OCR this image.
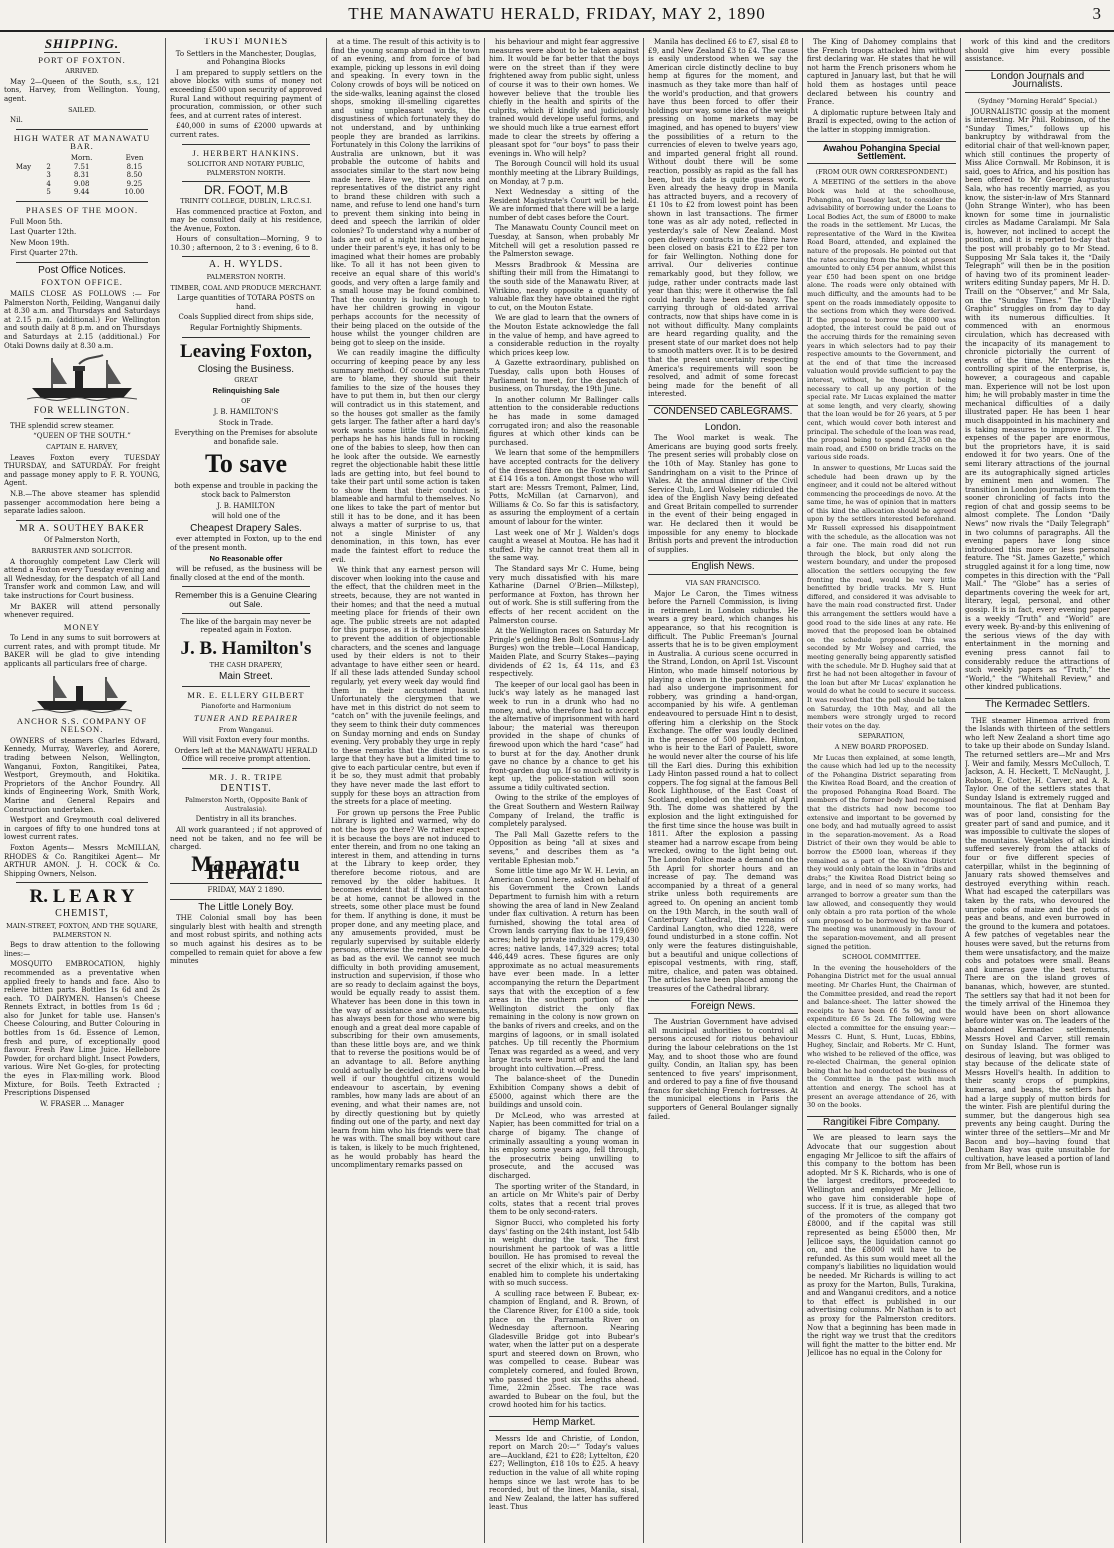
THE MANAWATU HERALD, FRIDAY, MAY 2, 1890	3
SHIPPING.
PORT OF FOXTON.

ARRIVED.

May 2—Queen of the South, s.s., 121 tons, Harvey, from Wellington. Young, agent.

SAILED.

Nil.

HIGH WATER AT MANAWATU BAR.
		Morn.	Even
May	2	7.51	8.15
	3	8.31	8.50
	4	9.08	9.25
	5	9.44	10.00
PHASES OF THE MOON.

Full Moon 5th.

Last Quarter 12th.

New Moon 19th.

First Quarter 27th.

Post Office Notices.
FOXTON OFFICE.

MAILS CLOSE AS FOLLOWS :— For Palmerston North, Feilding, Wanganui daily at 8.30 a.m. and Thursdays and Saturdays at 2.15 p.m. (additional.) For Wellington and south daily at 8 p.m. and on Thursdays and Saturdays at 2.15 (additional.) For Otaki Downs daily at 8.30 a.m.

FOR WELLINGTON.

THE splendid screw steamer.

“QUEEN OF THE SOUTH.”

CAPTAIN E. HARVEY,

Leaves Foxton every TUESDAY THURSDAY, and SATURDAY. For freight and passage money apply to F. R. YOUNG, Agent.

N.B.—The above steamer has splendid passenger accommodation here being a separate ladies saloon.

MR A. SOUTHEY BAKER

Of Palmerston North,

BARRISTER AND SOLICITOR.

A thoroughly competent Law Clerk will attend a Foxton every Tuesday evening and all Wednesday, for the despatch of all Land Transfer work and common Law, and will take instructions for Court business.

Mr BAKER will attend personally whenever required.

MONEY

To Lend in any sums to suit borrowers at current rates, and with prompt titude. Mr BAKER will be glad to give intending applicants all particulars free of charge.

ANCHOR S.S. COMPANY OF NELSON.

OWNERS of steamers Charles Edward, Kennedy, Murray, Waverley, and Aorere, trading between Nelson, Wellington, Wanganui, Foxton, Rangitikei, Patea, Westport, Greymouth, and Hokitika. Proprietors of the Anchor Foundry. All kinds of Engineering Work, Smith Work, Marine and General Repairs and Construction undertaken.

Westport and Greymouth coal delivered in cargoes of fifty to one hundred tons at lowest current rates.

Foxton Agents— Messrs McMILLAN, RHODES & Co. Rangitikei Agent— Mr ARTHUR AMON. J. H. COCK & Co. Shipping Owners, Nelson.

R. L E A R Y
CHEMIST,

MAIN-STREET, FOXTON, AND THE SQUARE, PALMERSTON N.

Begs to draw attention to the following lines:—

MOSQUITO EMBROCATION, highly recommended as a preventative when applied freely to hands and face. Also to relieve bitten parts. Bottles 1s 6d and 2s each. TO DAIRYMEN. Hansen's Cheese Rennets Extract, in bottles from 1s 6d ; also for Junket for table use. Hansen's Cheese Colouring, and Butter Colouring in bottles from 1s 6d. Essence of Lemon, fresh and pure, of exceptionally good flavour. Fresh Paw Lime Juice. Hellebore Powder, for orchard blight. Insect Powders, various. Wire Net Go-gles, for protecting the eyes in Flax-milling work. Blood Mixture, for Boils. Teeth Extracted ; Prescriptions Dispensed

W. FRASER ... Manager

TRUST MONIES

To Settlers in the Manchester, Douglas, and Pohangina Blocks

I am prepared to supply settlers on the above blocks with sums of money not exceeding £500 upon security of approved Rural Land without requiring payment of procuration, commission, or other such fees, and at current rates of interest.

£40,000 in sums of £2000 upwards at current rates.

J. HERBERT HANKINS.

SOLICITOR AND NOTARY PUBLIC, PALMERSTON NORTH.

DR. FOOT, M.B

TRINITY COLLEGE, DUBLIN, L.R.C.S.I.

Has commenced practice at Foxton, and may be consulted daily at his residence, the Avenue, Foxton.

Hours of consultation—Morning, 9 to 10.30 ; afternoon, 2 to 3 : evening, 6 to 8.

A. H. WYLDS.

PALMERSTON NORTH.

TIMBER, COAL AND PRODUCE MERCHANT.

Large quantities of TOTARA POSTS on hand.

Coals Supplied direct from ships side,

Regular Fortnightly Shipments.

Leaving Foxton,
Closing the Business.

GREAT

Relinquishing Sale

OF

J. B. HAMILTON'S

Stock in Trade.

Everything on the Premises for absolute and bonafide sale.

To save

both expense and trouble in packing the stock back to Palmerston

J. B. HAMILTON

will hold one of the

Cheapest Drapery Sales.

ever attempted in Foxton, up to the end of the present month.

No Reasonable offer

will be refused, as the business will be finally closed at the end of the month.

Remember this is a Genuine Clearing out Sale.

The like of the bargain may never be repeated again in Foxton.

J. B. Hamilton's

THE CASH DRAPERY,

Main Street.
MR. E. ELLERY GILBERT

Pianoforte and Harmonium

TUNER AND REPAIRER

From Wanganui.

Will visit Foxton every four months.

Orders left at the MANAWATU HERALD Office will receive prompt attention.

MR. J. R. TRIPE
DENTIST.

Palmerston North, (Opposite Bank of Australasia).

Dentistry in all its branches.

All work guaranteed ; if not approved of need not be taken, and no fee will be charged.

Manawatu Herald.

FRIDAY, MAY 2 1890.

The Little Lonely Boy.

THE Colonial small boy has been singularly blest with health and strength and most robust spirits, and nothing acts so much against his desires as to be compelled to remain quiet for above a few minutes

at a time. The result of this activity is to find the young scamp abroad in the town of an evening, and from force of bad example, picking up lessons in evil doing and speaking. In every town in the Colony crowds of boys will be noticed on the side-walks, leaning against the closed shops, smoking ill-smelling cigarettes and using unpleasant words, the disgustiness of which fortunately they do not understand, and by unthinking people they are branded as larrikins. Fortunately in this Colony the larrikins of Australia are unknown, but it was probable the outcome of habits and associates similar to the start now being made here. Have we, the parents and representatives of the district any right to brand these children with such a name, and refuse to lend one hand's turn to prevent them sinking into being in deed and speech the larrikin of older colonies? To understand why a number of lads are out of a night instead of being under their parent's eye, it has only to be imagined what their homes are probably like. To all it has not been given to receive an equal share of this world's goods, and very often a large family and a small house may be found combined. That the country is luckily enough to have her children growing in vigour perhaps accounts for the necessity of their being placed on the outside of the house whilst the younger children are being got to sleep on the inside.

We can readily imagine the difficulty occurring of keeping peace by any less summary method. Of course the parents are to blame, they should suit their families to the size of the houses they have to put them in, but then our clergy will contradict us in this statement, and so the houses got smaller as the family gets larger. The father after a hard day's work wants some little time to himself, perhaps he has his hands full in rocking one of the babies to sleep, how then can he look after the outside. We earnestly regret the objectionable habit these little lads are getting into, but feel bound to take their part until some action is taken to show them that their conduct is blameable and harmful to themselves. No one likes to take the part of mentor but still it has to be done, and it has been always a matter of surprise to us, that not a single Minister of any denomination, in this town, has ever made the faintest effort to reduce the evil.

We think that any earnest person will discover when looking into the cause and the effect, that the children meet in the streets, because, they are not wanted in their homes; and that the need a mutual meeting place for friends of their own age. The public streets are not adapted for this purpose, as it is there impossible to prevent the addition of objectionable characters, and the scenes and language used by their elders is not to their advantage to have either seen or heard. If all these lads attended Sunday school regularly, yet every week day would find them in their accustomed haunt. Unfortunately the clergymen that we have met in this district do not seem to “catch on” with the juvenile feelings, and they seem to think their duty commences on Sunday morning and ends on Sunday evening. Very probably they urge in reply to these remarks that the district is so large that they have but a limited time to give to each particular centre, but even if it be so, they must admit that probably they have never made the last effort to supply for these boys an attraction from the streets for a place of meeting.

For grown up persons the Free Public Library is lighted and warmed, why do not the boys go there? We rather expect it is because the boys are not induced to enter therein, and from no one taking an interest in them, and attending in turns at the Library to keep order, they therefore become riotous, and are removed by the older habitues. It becomes evident that if the boys cannot be at home, cannot be allowed in the streets, some other place must be found for them. If anything is done, it must be proper done, and any meeting place, and any amusements provided, must be regularly supervised by suitable elderly persons, otherwise the remedy would be as bad as the evil. We cannot see much difficulty in both providing amusement, instruction and supervision, if those who are so ready to declaim against the boys, would be equally ready to assist them. Whatever has been done in this town in the way of assistance and amusements, has always been for those who were big enough and a great deal more capable of subscribing for their own amusements, than these little boys are, and we think that to reverse the positions would be of an advantage to all. Before anything could actually be decided on, it would be well if our thoughtful citizens would endeavour to ascertain, by evening rambles, how many lads are about of an evening, and what their names are, not by directly questioning but by quietly finding out one of the party, and next day learn from him who his friends were that he was with. The small boy without care is taken, is likely to be much frightened, as he would probably has heard the uncomplimentary remarks passed on

his behaviour and might fear aggressive measures were about to be taken against him. It would be far better that the boys were on the street than if they were frightened away from public sight, unless of course it was to their own homes. We however believe that the trouble lies chiefly in the health and spirits of the culprits, which if kindly and judiciously trained would develope useful forms, and we should much like a true earnest effort made to clear the streets by offering a pleasant spot for “our boys” to pass their evenings in. Who will help?

The Borough Council will hold its usual monthly meeting at the Library Buildings, on Monday, at 7 p.m.

Next Wednesday a sitting of the Resident Magistrate's Court will be held. We are informed that there will be a large number of debt cases before the Court.

The Manawatu County Council meet on Tuesday, at Sanson, when probably Mr Mitchell will get a resolution passed re the Palmerston sewage.

Messrs Bradbrook & Messina are shifting their mill from the Himatangi to the south side of the Manawatu River, at Wirikino, nearly opposite a quantity of valuable flax they have obtained the right to cut, on the Mouton Estate.

We are glad to learn that the owners of the Mouton Estate acknowledge the fall in the value of hemp, and have agreed to a considerable reduction in the royalty which prices keep low.

A Gazette extraordinary, published on Tuesday, calls upon both Houses of Parliament to meet, for the despatch of business, on Thursday, the 19th June.

In another column Mr Ballinger calls attention to the considerable reductions he has made in some damaged corrugated iron; and also the reasonable figures at which other kinds can be purchased.

We learn that some of the hempmillers have accepted contracts for the delivery of the dressed fibre on the Foxton wharf at £14 16s a ton. Amongst those who will start are: Messrs Tremont, Palmer, Lind, Potts, McMillan (at Carnarvon), and Williams & Co. So far this is satisfactory, as assuring the employment of a certain amount of labour for the winter.

Last week one of Mr J. Walden's dogs caught a weasel at Moutoa. He has had it stuffed. Pity he cannot treat them all in the same way.

The Standard says Mr C. Hume, being very much dissatisfied with his mare Katharine (Darnel O'Brien—Milkstep), performance at Foxton, has thrown her out of work. She is still suffering from the effects of her recent accident on the Palmerston course.

At the Wellington races on Saturday Mr Pringle's gelding Ben Bolt (Sommus-Lady Burges) won the treble—Local Handicap, Maiden Plate, and Scurry Stakes—paying dividends of £2 1s, £4 11s, and £3 respectively.

The keeper of our local gaol has been in luck's way lately as he managed last week to run in a drunk who had no money, and, who therefore had to accept the alternative of imprisonment with hard labour; the material was thereupon provided in the shape of chunks of firewood upon which the hard “case” had to burst at for the day. Another drunk gave no chance by a chance to get his front-garden dug up. If so much activity is kept up, the police-station will soon assume a tidily cultivated section.

Owing to the strike of the employes of the Great Southern and Western Railway Company of Ireland, the traffic is completely paralysed.

The Pall Mall Gazette refers to the Opposition as being “all at sixes and sevens,” and describes them as “a veritable Ephesian mob.”

Some little time ago Mr W. H. Levin, an American Consul here, asked on behalf of his Government the Crown Lands Department to furnish him with a return showing the area of land in New Zealand under flax cultivation. A return has been furnished, showing the total area of Crown lands carrying flax to be 119,690 acres; held by private individuals 179,430 acres; native lands, 147,329 acres; total 446,449 acres. These figures are only approximate as no actual measurements have ever been made. In a letter accompanying the return the Department says that with the exception of a few areas in the southern portion of the Wellington district the only flax remaining in the colony is now grown on the banks of rivers and creeks, and on the margins of lagoons, or in small isolated patches. Up till recently the Phormium Tenax was regarded as a weed, and very large tracts were burnt off and the land brought into cultivation.—Press.

The balance-sheet of the Dunedin Exhibition Company shows a debit of £5000, against which there are the buildings and unsold coin.

Dr McLeod, who was arrested at Napier, has been committed for trial on a charge of bigamy. The change of criminally assaulting a young woman in his employ some years ago, fell through, the prosecutrix being unwilling to prosecute, and the accused was discharged.

The sporting writer of the Standard, in an article on Mr White's pair of Derby colts, states that a recent trial proves them to be only second-raters.

Signor Bucci, who completed his forty days' fasting on the 24th instant, lost 54lb in weight during the task. The first nourishment he partook of was a little bouillon. He has promised to reveal the secret of the elixir which, it is said, has enabled him to complete his undertaking with so much success.

A sculling race between F. Bubear, ex-champion of England, and R. Brown, of the Clarence River, for £100 a side, took place on the Parramatta River on Wednesday afternoon. Nearing Gladesville Bridge got into Bubear's water, when the latter put on a desperate spurt and steered down on Brown, who was compelled to cease. Bubear was completely cornered, and fouled Brown, who passed the post six lengths ahead. Time, 22min 25sec. The race was awarded to Bubear on the foul, but the crowd hooted him for his tactics.

Hemp Market.

Messrs Ide and Christie, of London, report on March 20:—“ Today's values are—Auckland, £21 to £28; Lyttelton, £20 £27; Wellington, £18 10s to £25. A heavy reduction in the value of all white roping hemps since we last wrote has to be recorded, but of the lines, Manila, sisal, and New Zealand, the latter has suffered least. Thus

Manila has declined £6 to £7, sisal £8 to £9, and New Zealand £3 to £4. The cause is easily understood when we say the American circle distinctly decline to buy hemp at figures for the moment, and inasmuch as they take more than half of the world's production, and that growers have thus been forced to offer their holdings our way, some idea of the weight pressing on home markets may be imagined, and has opened to buyers' view the possibilities of a return to the currencies of eleven to twelve years ago, and imparted general fright all round. Without doubt there will be some reaction, possibly as rapid as the fall has been, but its date is quite guess work. Even already the heavy drop in Manila has attracted buyers, and a recovery of £1 10s to £2 from lowest point has been shown in last transactions. The firmer tone was as alr ady noted, reflected in yesterday's sale of New Zealand. Most open delivery contracts in the fibre have been closed on basis £21 to £22 per ton for fair Wellington. Nothing done for arrival. Our deliveries continue remarkably good, but they follow, we judge, rather under contracts made last year than this; were it otherwise the fall could hardly have been so heavy. The carrying through of old-dated arrival contracts, now that ships have come in is not without difficulty. Many complaints are heard regarding quality, and the present state of our market does not help to smooth matters over. It is to be desired that the present uncertainty respecting America's requirements will soon be resolved, and admit of some forecast being made for the benefit of all interested.

CONDENSED CABLEGRAMS.
London.

The Wool market is weak. The Americans are buying good sorts freely. The present series will probably close on the 10th of May. Stanley has gone to Sandringham on a visit to the Prince of Wales. At the annual dinner of the Civil Service Club, Lord Wolseley ridiculed the idea of the English Navy being defeated and Great Britain compelled to surrender in the event of their being engaged in war. He declared then it would be impossible for any enemy to blockade British ports and prevent the introduction of supplies.

English News.

VIA SAN FRANCISCO.

Major Le Caron, the Times witness before the Parnell Commission, is living in retirement in London suburbs. He wears a grey beard, which changes his appearance, so that his recognition is difficult. The Public Freeman's Journal asserts that he is to be given employment in Australia. A curious scene occurred in the Strand, London, on April 1st. Viscount Hinton, who made himself notorious by playing a clown in the pantomimes, and had also undergone imprisonment for robbery, was grinding a hand-organ, accompanied by his wife. A gentleman endeavoured to persuade Hint n to desist, offering him a clerkship on the Stock Exchange. The offer was loudly declined in the presence of 500 people. Hinton, who is heir to the Earl of Paulett, swore he would never alter the course of his life till the Earl dies. During this exhibition Lady Hinton passed round a hat to collect coppers. The fog signal at the famous Bell Rock Lighthouse, of the East Coast of Scotland, exploded on the night of April 9th. The dome was shattered by the explosion and the light extinguished for the first time since the house was built in 1811. After the explosion a passing steamer had a narrow escape from being wrecked, owing to the light being out. The London Police made a demand on the 5th April for shorter hours and an increase of pay. The demand was accompanied by a threat of a general strike unless both requirements are agreed to. On opening an ancient tomb on the 19th March, in the south wall of Canterbury Cathedral, the remains of Cardinal Langton, who died 1228, were found undisturbed in a stone coffin. Not only were the features distinguishable, but a beautiful and unique collections of episcopal vestments, with ring, staff, mitre, chalice, and paten was obtained. The articles have been placed among the treasures of the Cathedral library.

Foreign News.

The Austrian Government have advised all municipal authorities to control all persons accused for riotous behaviour during the labour celebrations on the 1st May, and to shoot those who are found guilty. Condin, an Italian spy, has been sentenced to five years' imprisonment, and ordered to pay a fine of five thousand francs for sketching French fortresses. At the municipal elections in Paris the supporters of General Boulanger signally failed.

The King of Dahomey complains that the French troops attacked him without first declaring war. He states that he will not harm the French prisoners whom he captured in January last, but that he will hold them as hostages until peace declared between his country and France.

A diplomatic rupture between Italy and Brazil is expected, owing to the action of the latter in stopping immigration.

Awahou Pohangina Special Settlement.

(FROM OUR OWN CORRESPONDENT.)

A MEETING of the settlers in the above block was held at the schoolhouse, Pohangina, on Tuesday last, to consider the advisability of borrowing under the Loans to Local Bodies Act, the sum of £8000 to make the roads in the settlement. Mr Lucas, the representative of the Ward in the Kiwitea Road Board, attended, and explained the nature of the proposals. He pointed out that the rates accruing from the block at present amounted to only £54 per annum, whilst this year £50 had been spent on one bridge alone. The roads were only obtained with much difficulty, and the amounts had to be spent on the roads immediately opposite to the sections from which they were derived. If the proposal to borrow the £8000 was adopted, the interest could be paid out of the accruing thirds for the remaining seven years in which selectors had to pay their respective amounts to the Government, and at the end of that time the increased valuation would provide sufficient to pay the interest, without, he thought, it being necessary to call up any portion of the special rate. Mr Lucas explained the matter at some length, and very clearly, showing that the loan would be for 26 years, at 5 per cent, which would cover both interest and principal. The schedule of the loan was read, the proposal being to spend £2,350 on the main road, and £500 on bridle tracks on the various side roads.

In answer to questions, Mr Lucas said the schedule had been drawn up by the engineer, and it could not be altered without commencing the proceedings de novo. At the same time, he was of opinion that in matters of this kind the allocation should be agreed upon by the settlers interested beforehand. Mr Russell expressed his disappointment with the schedule, as the allocation was not a fair one. The main road did not run through the block, but only along the western boundary, and under the proposed allocation the settlers occupying the few fronting the road, would be very little benefitted by bridle tracks. Mr S. Hunt differed, and considered it was advisable to have the main road constructed first. Under this arrangement the settlers would have a good road to the side lines at any rate. He moved that the proposed loan be obtained on the schedule proposed. This was seconded by Mr Wolsey and carried, the meeting generally being apparently satisfied with the schedule. Mr D. Hughey said that at first he had not been altogether in favour of the loan but after Mr Lucas' explanation he would do what he could to secure it success. It was resolved that the poll should be taken on Saturday, the 10th May, and all the members were strongly urged to record their votes on the day.

SEPARATION,

A NEW BOARD PROPOSED.

Mr Lucas then explained, at some length, the cause which had led up to the necessity of the Pohangina District separating from the Kiwitea Road Board, and the creation of the proposed Pohangina Road Board. The members of the former body had recognised that the districts had now become too extensive and important to be governed by one body, and had mutually agreed to assist in the separation-movement. As a Road District of their own they would be able to borrow the £5000 loan, whereas if they remained as a part of the Kiwitea District they would only obtain the loan in “dribs and drabs;” the Kiwitea Road District being so large, and in need of so many works, had arranged to borrow a greater sum than the law allowed, and consequently they would only obtain a pro rata portion of the whole sum proposed to be borrowed by the Board. The meeting was unanimously in favour of the separation-movement, and all present signed the petition.

SCHOOL COMMITTEE.

In the evening the householders of the Pohangina District met for the usual annual meeting. Mr Charles Hunt, the Chairman of the Committee presided, and read the report and balance-sheet. The latter showed the receipts to have been £6 5s 9d, and the expenditure £6 5s 2d. The following were elected a committee for the ensuing year:—Messrs C. Hunt, S. Hunt, Lucas, Ebbins, Hughey, Sinclair, and Roberts. Mr C. Hunt, who wished to be relieved of the office, was re-elected Chairman, the general opinion being that he had conducted the business of the Committee in the past with much attention and energy. The school has at present an average attendance of 26, with 30 on the books.

Rangitikei Fibre Company.

We are pleased to learn says the Advocate that our suggestion about engaging Mr Jellicoe to sift the affairs of this company to the bottom has been adopted. Mr S K. Richards, who is one of the largest creditors, proceeded to Wellington and employed Mr Jellicoe, who gave him considerable hope of success. If it is true, as alleged that two of the promoters of the company got £8000, and if the capital was still represented as being £5000 then, Mr Jellicoe says, the liquidation cannot go on, and the £8000 will have to be refunded. As this sum would meet all the company's liabilities no liquidation would be needed. Mr Richards is willing to act as proxy for the Marton, Bulls, Turakina, and and Wanganui creditors, and a notice to that effect is published in our advertising columns. Mr Nathan is to act as proxy for the Palmerston creditors. Now that a beginning has been made in the right way we trust that the creditors will fight the matter to the bitter end. Mr Jellicoe has no equal in the Colony for

work of this kind and the creditors should give him every possible assistance.

London Journals and Journalists.

(Sydney “Morning Herald” Special.)

JOURNALISTIC gossip at the moment is interesting. Mr Phil. Robinson, of the “Sunday Times,” follows up his bankruptcy by withdrawal from the editorial chair of that well-known paper, which still continues the property of Miss Alice Cornwall. Mr Robinson, it is said, goes to Africa, and his position has been offered to Mr George Augustus Sala, who has recently married, as you know, the sister-in-law of Mrs Stannard (John Strange Winter), who has been known for some time in journalistic circles as Madame Caralampi. Mr Sala is, however, not inclined to accept the position, and it is reported to-day that the post will probably go to Mr Stead. Supposing Mr Sala takes it, the “Daily Telegraph” will then be in the position of having two of its prominent leader-writers editing Sunday papers, Mr H. D. Traill on the “Observer,” and Mr Sala, on the “Sunday Times.” The “Daily Graphic” struggles on from day to day with its numerous difficulties. It commenced with an enormous circulation, which has decreased with the incapacity of its management to chronicle pictorially the current of events of the time. Mr Thomas the controlling spirit of the enterprise, is, however, a courageous and capable man. Experience will not be lost upon him; he will probably master in time the mechanical difficulties of a daily illustrated paper. He has been 1 hear much disappointed in his machinery and is taking measures to improve it. The expenses of the paper are enormous, but the proprietors have, it is said endowed it for two years. One of the semi literary attractions of the journal are its autographically signed articles by eminent men and women. The transition in London journalism from the sooner chronicling of facts into the region of chat and gossip seems to be almost complete. The London “Daily News” now rivals the “Daily Telegraph” in two columns of paragraphs. All the evening papers have long since introduced this more or less personal feature. The “St. James Gazette,” which struggled against it for a long time, now competes in this direction with the “Pall Mall.” The “Globe” has a series of departments covering the week for art, literary, legal, personal, and other gossip. It is in fact, every evening paper is a weekly “Truth” and “World” are every week. By-and-by this enlivening of the serious views of the day with entertainment in the morning and evening press cannot fail to considerably reduce the attractions of such weekly papers as “Truth,” the “World,” the “Whitehall Review,” and other kindred publications.

The Kermadec Settlers.

THE steamer Hinemoa arrived from the Islands with thirteen of the settlers who left New Zealand a short time ago to take up their abode on Sunday Island. The returned settlers are—Mr and Mrs J. Weir and family, Messrs McCulloch, T. Jackson, A. H. Heckett, T. McNaught, J. Robson, E. Cotter, H. Carver, and A. R. Taylor. One of the settlers states that Sunday Island is extremely rugged and mountainous. The flat at Denham Bay was of poor land, consisting for the greater part of sand and pumice, and it was impossible to cultivate the slopes of the mountains. Vegetables of all kinds suffered severely from the attacks of four or five different species of caterpillar, whilst in the beginning of January rats showed themselves and destroyed everything within reach. What had escaped the caterpillars was taken by the rats, who devoured the unripe cobs of maize and the pods of peas and beans, and even burrowed in the ground to the kumera and potatoes. A few patches of vegetables near the houses were saved, but the returns from them were unsatisfactory, and the maize cobs and potatoes were small. Beans and kumeras gave the best returns. There are on the island groves of bananas, which, however, are stunted. The settlers say that had it not been for the timely arrival of the Hinemoa they would have been on short allowance before winter was on. The leaders of the abandoned Kermadec settlements, Messrs Hovel and Carver, still remain on Sunday Island. The former was desirous of leaving, but was obliged to stay because of the delicate state of Messrs Hovell's health. In addition to their scanty crops of pumpkins, kumeras, and beans, the settlers had had a large supply of mutton birds for the winter. Fish are plentiful during the summer, but the dangerous high sea prevents any being caught. During the winter three of the settlers—Mr and Mr Bacon and boy—having found that Denham Bay was quite unsuitable for cultivation, have leased a portion of land from Mr Bell, whose run is
